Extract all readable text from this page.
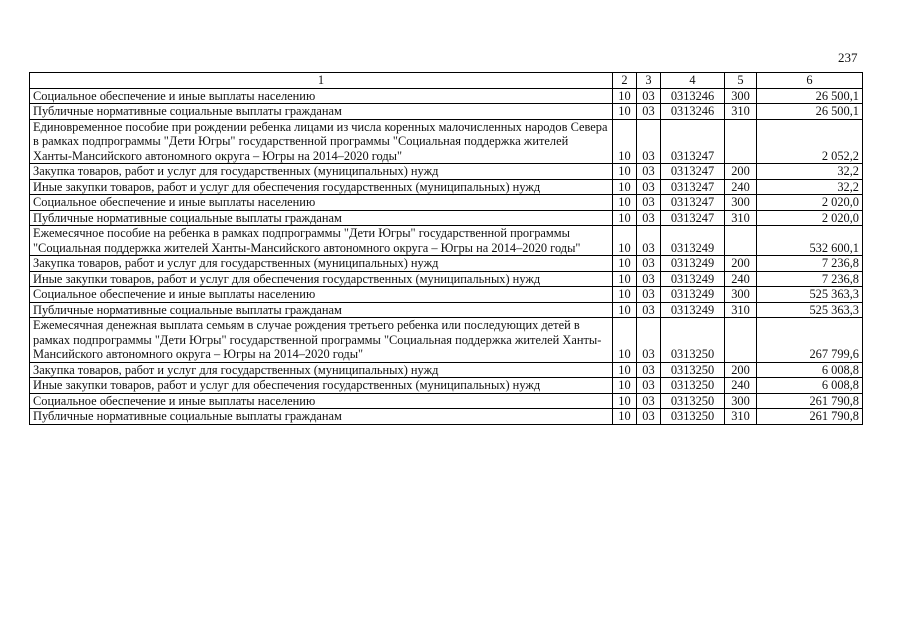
237
1	2	3	4	5	6
Социальное обеспечение и иные выплаты населению	10	03	0313246	300	26 500,1
Публичные нормативные социальные выплаты гражданам	10	03	0313246	310	26 500,1
Единовременное пособие при рождении ребенка лицами из числа коренных малочисленных народов Севера в рамках подпрограммы "Дети Югры" государственной программы "Социальная поддержка жителей Ханты-Мансийского автономного округа – Югры на 2014–2020 годы"	10	03	0313247		2 052,2
Закупка товаров, работ и услуг для государственных (муниципальных) нужд	10	03	0313247	200	32,2
Иные закупки товаров, работ и услуг для обеспечения государственных (муниципальных) нужд	10	03	0313247	240	32,2
Социальное обеспечение и иные выплаты населению	10	03	0313247	300	2 020,0
Публичные нормативные социальные выплаты гражданам	10	03	0313247	310	2 020,0
Ежемесячное пособие на ребенка в рамках подпрограммы "Дети Югры" государственной программы "Социальная поддержка жителей Ханты-Мансийского автономного округа – Югры на 2014–2020 годы"	10	03	0313249		532 600,1
Закупка товаров, работ и услуг для государственных (муниципальных) нужд	10	03	0313249	200	7 236,8
Иные закупки товаров, работ и услуг для обеспечения государственных (муниципальных) нужд	10	03	0313249	240	7 236,8
Социальное обеспечение и иные выплаты населению	10	03	0313249	300	525 363,3
Публичные нормативные социальные выплаты гражданам	10	03	0313249	310	525 363,3
Ежемесячная денежная выплата семьям в случае рождения третьего ребенка или последующих детей в рамках подпрограммы "Дети Югры" государственной программы "Социальная поддержка жителей Ханты-Мансийского автономного округа – Югры на 2014–2020 годы"	10	03	0313250		267 799,6
Закупка товаров, работ и услуг для государственных (муниципальных) нужд	10	03	0313250	200	6 008,8
Иные закупки товаров, работ и услуг для обеспечения государственных (муниципальных) нужд	10	03	0313250	240	6 008,8
Социальное обеспечение и иные выплаты населению	10	03	0313250	300	261 790,8
Публичные нормативные социальные выплаты гражданам	10	03	0313250	310	261 790,8
